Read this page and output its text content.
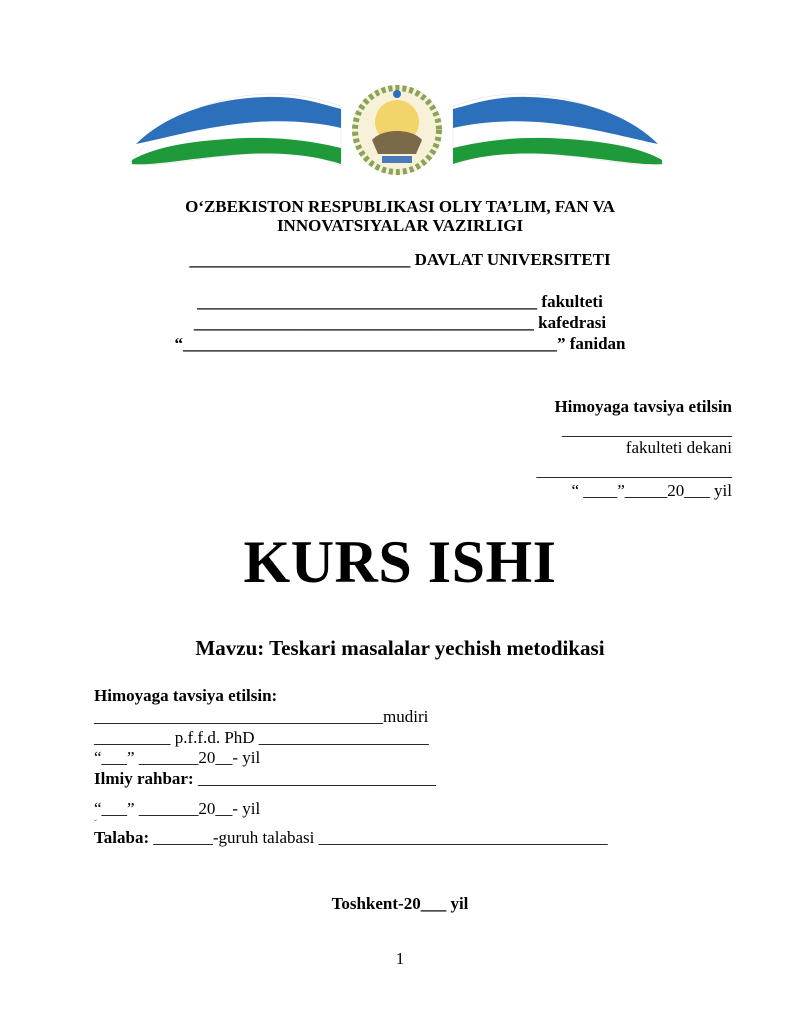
O‘ZBEKISTON RESPUBLIKASI OLIY TA’LIM, FAN VA
INNOVATSIYALAR VAZIRLIGI
__________________________ DAVLAT UNIVERSITETI
________________________________________ fakulteti
________________________________________ kafedrasi
“____________________________________________” fanidan
Himoyaga tavsiya etilsin
____________________
fakulteti dekani
_______________________
“ ____”_____20___ yil
KURS ISHI
Mavzu: Teskari masalalar yechish metodikasi
Himoyaga tavsiya etilsin:
__________________________________mudiri
_________ p.f.f.d. PhD ____________________
“___” _______20__- yil
Ilmiy rahbar: ____________________________
“___” _______20__- yil
ˇ
Talaba: _______-guruh talabasi __________________________________
Toshkent-20___ yil
1
